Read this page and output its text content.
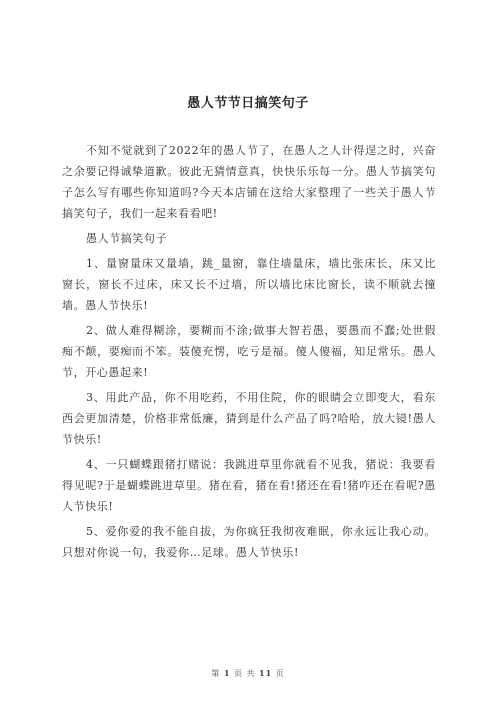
愚人节节日搞笑句子

不知不觉就到了2022年的愚人节了，在愚人之人计得逞之时，兴奋之余要记得诚挚道歉。彼此无猜情意真，快快乐乐每一分。愚人节搞笑句子怎么写有哪些你知道吗?今天本店铺在这给大家整理了一些关于愚人节搞笑句子，我们一起来看看吧!

愚人节搞笑句子

1、量窗量床又量墙，跳_量窗，靠住墙量床，墙比张床长，床又比窗长，窗长不过床，床又长不过墙，所以墙比床比窗长，读不顺就去撞墙。愚人节快乐!

2、做人难得糊涂，要糊而不涂;做事大智若愚，要愚而不蠢;处世假痴不颠，要痴而不笨。装傻充愣，吃亏是福。傻人傻福，知足常乐。愚人节，开心愚起来!

3、用此产品，你不用吃药，不用住院，你的眼睛会立即变大，看东西会更加清楚，价格非常低廉，猜到是什么产品了吗?哈哈，放大镜!愚人节快乐!

4、一只蝴蝶跟猪打赌说：我跳进草里你就看不见我，猪说：我要看得见呢?于是蝴蝶跳进草里。猪在看，猪在看!猪还在看!猪咋还在看呢?愚人节快乐!

5、爱你爱的我不能自拔，为你疯狂我彻夜难眠，你永远让我心动。只想对你说一句，我爱你…足球。愚人节快乐!

第 1 页 共 11 页
